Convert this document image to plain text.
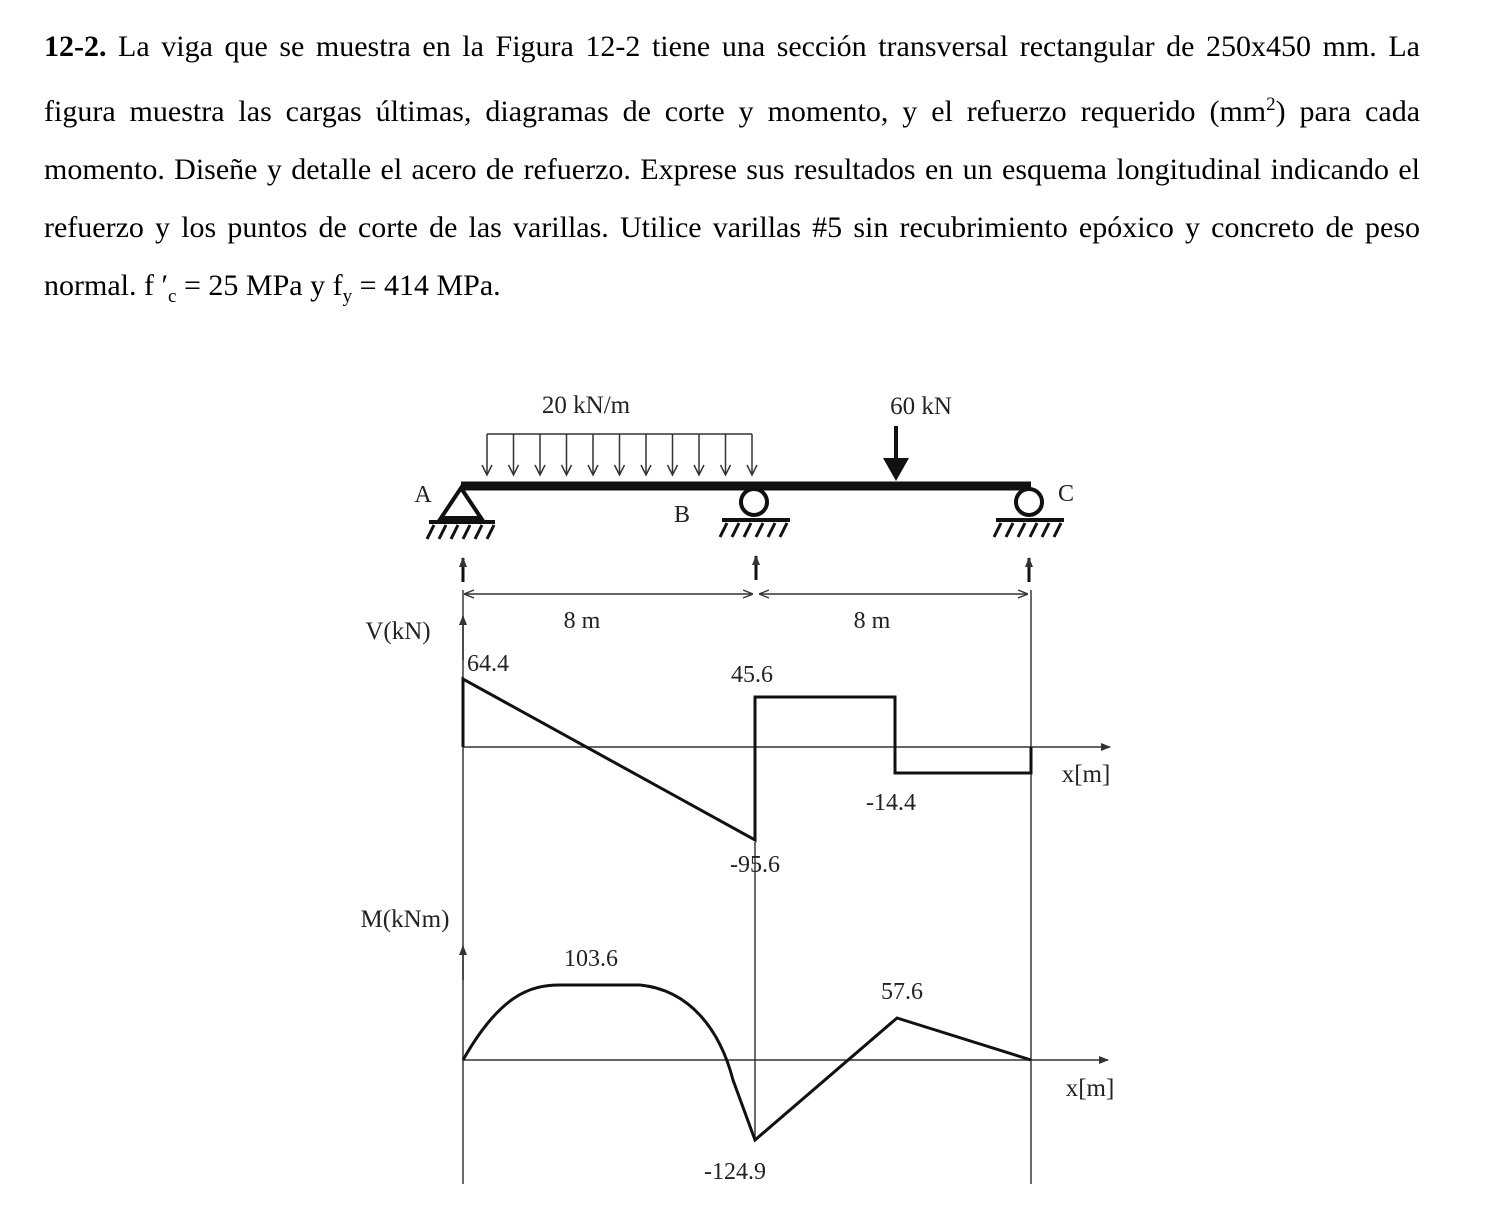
12-2. La viga que se muestra en la Figura 12-2 tiene una sección transversal rectangular de 250x450 mm. La figura muestra las cargas últimas, diagramas de corte y momento, y el refuerzo requerido $(mm^2)$ para cada momento. Diseñe y detalle el acero de refuerzo. Exprese sus resultados en un esquema longitudinal indicando el refuerzo y los puntos de corte de las varillas. Utilice varillas #5 sin recubrimiento epóxico y concreto de peso normal. f $'_c = 25$ MPa y $f_y = 414$ MPa.

20 kN/m	60 kN
A
B
C
8 m	8 m
V(kN)
x[m]
64.4	45.6
-14.4
-95.6
M(kNm)
x[m]
103.6
57.6
-124.9
